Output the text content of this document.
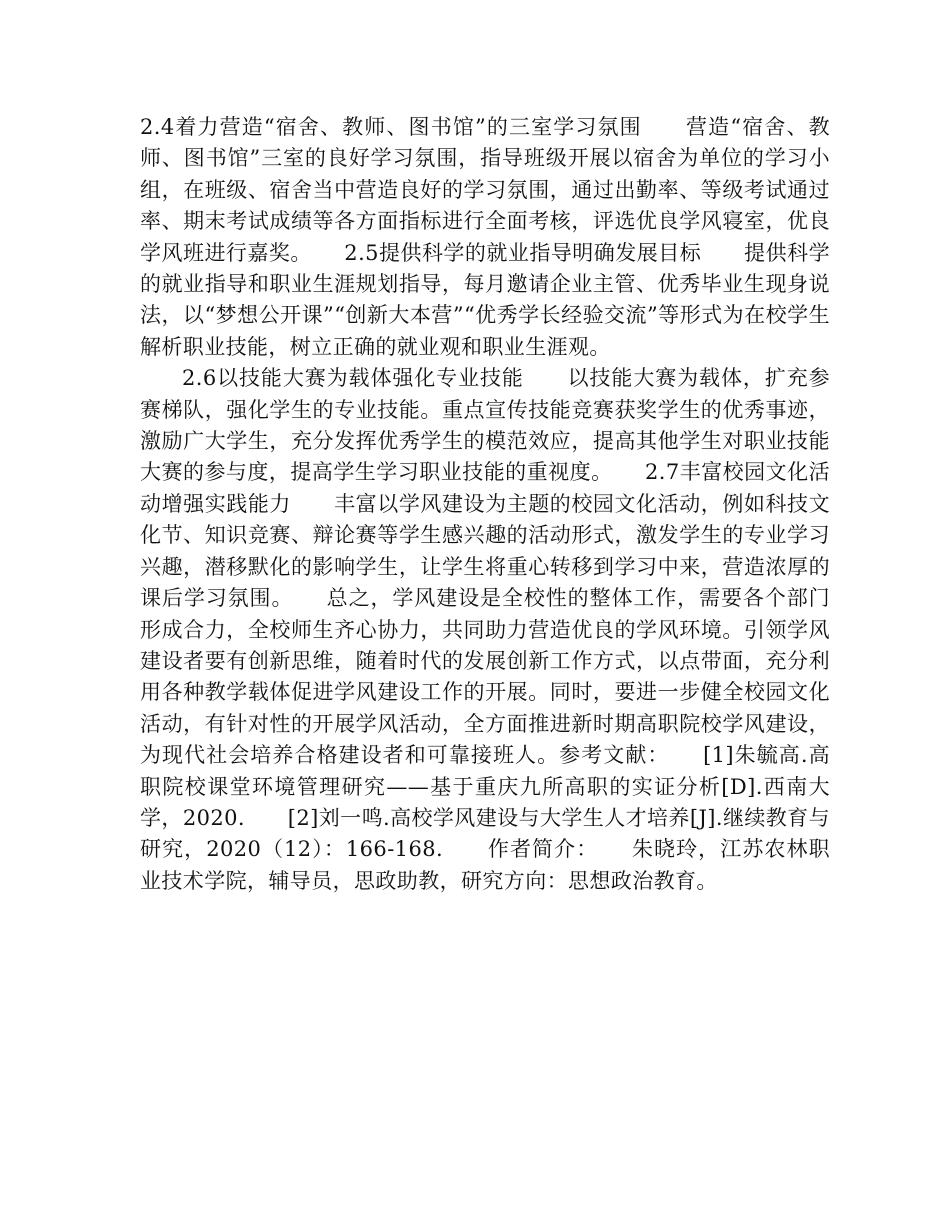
2.4着力营造“宿舍、教师、图书馆”的三室学习氛围　　营造“宿舍、教师、图书馆”三室的良好学习氛围，指导班级开展以宿舍为单位的学习小组，在班级、宿舍当中营造良好的学习氛围，通过出勤率、等级考试通过率、期末考试成绩等各方面指标进行全面考核，评选优良学风寝室，优良学风班进行嘉奖。　　2.5提供科学的就业指导明确发展目标　　提供科学的就业指导和职业生涯规划指导，每月邀请企业主管、优秀毕业生现身说法，以“梦想公开课”“创新大本营”“优秀学长经验交流”等形式为在校学生解析职业技能，树立正确的就业观和职业生涯观。

2.6以技能大赛为载体强化专业技能　　以技能大赛为载体，扩充参赛梯队，强化学生的专业技能。重点宣传技能竞赛获奖学生的优秀事迹，激励广大学生，充分发挥优秀学生的模范效应，提高其他学生对职业技能大赛的参与度，提高学生学习职业技能的重视度。　　2.7丰富校园文化活动增强实践能力　　丰富以学风建设为主题的校园文化活动，例如科技文化节、知识竞赛、辩论赛等学生感兴趣的活动形式，激发学生的专业学习兴趣，潜移默化的影响学生，让学生将重心转移到学习中来，营造浓厚的课后学习氛围。　　总之，学风建设是全校性的整体工作，需要各个部门形成合力，全校师生齐心协力，共同助力营造优良的学风环境。引领学风建设者要有创新思维，随着时代的发展创新工作方式，以点带面，充分利用各种教学载体促进学风建设工作的开展。同时，要进一步健全校园文化活动，有针对性的开展学风活动，全方面推进新时期高职院校学风建设，为现代社会培养合格建设者和可靠接班人。参考文献：　　[1]朱毓高.高职院校课堂环境管理研究——基于重庆九所高职的实证分析[D].西南大学，2020.　　[2]刘一鸣.高校学风建设与大学生人才培养[J].继续教育与研究，2020（12）：166-168.　　作者简介：　　朱晓玲，江苏农林职业技术学院，辅导员，思政助教，研究方向：思想政治教育。
